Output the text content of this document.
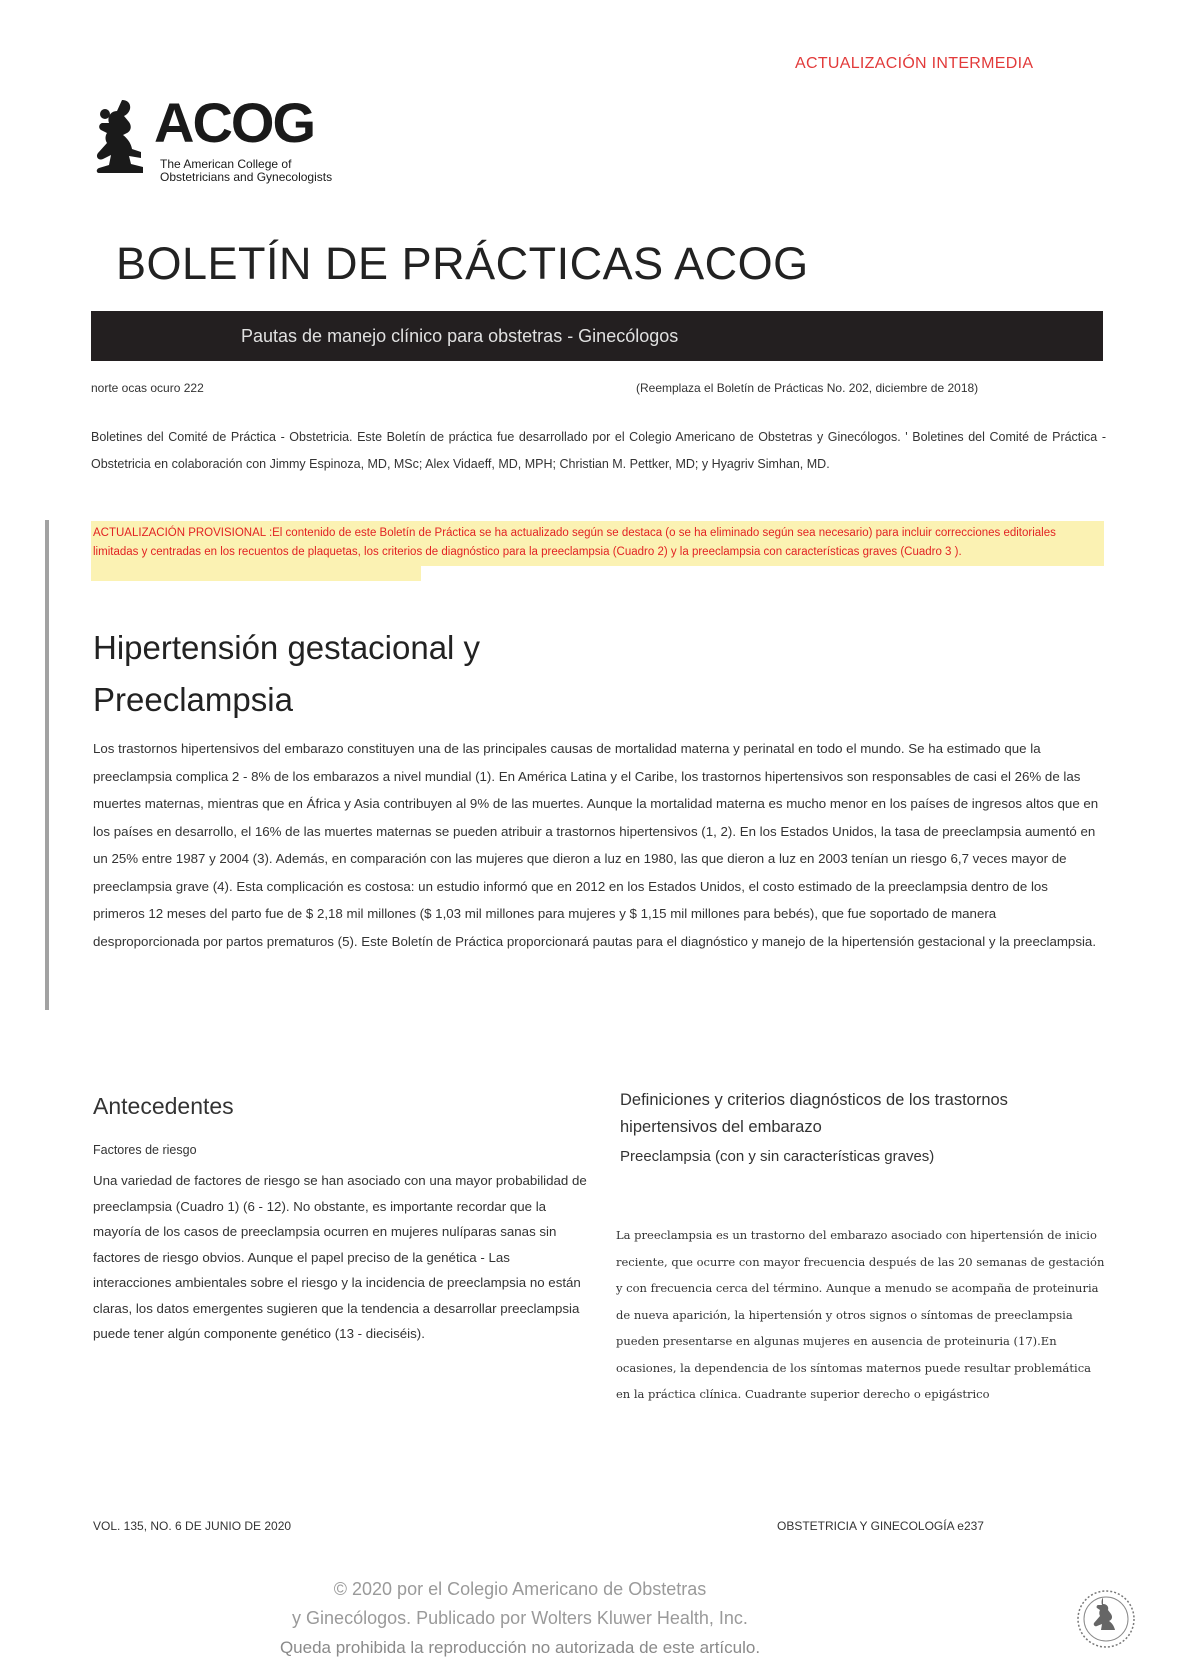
ACTUALIZACIÓN INTERMEDIA
ACOG
The American College of
Obstetricians and Gynecologists
BOLETÍN DE PRÁCTICAS ACOG
Pautas de manejo clínico para obstetras - Ginecólogos
norte ocas ocuro 222	(Reemplaza el Boletín de Prácticas No. 202, diciembre de 2018)
Boletines del Comité de Práctica - Obstetricia. Este Boletín de práctica fue desarrollado por el Colegio Americano de Obstetras y Ginecólogos. ' Boletines del Comité de Práctica -Obstetricia en colaboración con Jimmy Espinoza, MD, MSc; Alex Vidaeff, MD, MPH; Christian M. Pettker, MD; y Hyagriv Simhan, MD.
ACTUALIZACIÓN PROVISIONAL :El contenido de este Boletín de Práctica se ha actualizado según se destaca (o se ha eliminado según sea necesario) para incluir correcciones editoriales limitadas y centradas en los recuentos de plaquetas, los criterios de diagnóstico para la preeclampsia (Cuadro 2) y la preeclampsia con características graves (Cuadro 3 ).
Hipertensión gestacional y
Preeclampsia
Los trastornos hipertensivos del embarazo constituyen una de las principales causas de mortalidad materna y perinatal en todo el mundo. Se ha estimado que la preeclampsia complica 2 - 8% de los embarazos a nivel mundial (1). En América Latina y el Caribe, los trastornos hipertensivos son responsables de casi el 26% de las muertes maternas, mientras que en África y Asia contribuyen al 9% de las muertes. Aunque la mortalidad materna es mucho menor en los países de ingresos altos que en los países en desarrollo, el 16% de las muertes maternas se pueden atribuir a trastornos hipertensivos (1, 2). En los Estados Unidos, la tasa de preeclampsia aumentó en un 25% entre 1987 y 2004 (3). Además, en comparación con las mujeres que dieron a luz en 1980, las que dieron a luz en 2003 tenían un riesgo 6,7 veces mayor de preeclampsia grave (4). Esta complicación es costosa: un estudio informó que en 2012 en los Estados Unidos, el costo estimado de la preeclampsia dentro de los primeros 12 meses del parto fue de $ 2,18 mil millones ($ 1,03 mil millones para mujeres y $ 1,15 mil millones para bebés), que fue soportado de manera desproporcionada por partos prematuros (5). Este Boletín de Práctica proporcionará pautas para el diagnóstico y manejo de la hipertensión gestacional y la preeclampsia.
Antecedentes
Factores de riesgo
Una variedad de factores de riesgo se han asociado con una mayor probabilidad de preeclampsia (Cuadro 1) (6 - 12). No obstante, es importante recordar que la mayoría de los casos de preeclampsia ocurren en mujeres nulíparas sanas sin factores de riesgo obvios. Aunque el papel preciso de la genética - Las interacciones ambientales sobre el riesgo y la incidencia de preeclampsia no están claras, los datos emergentes sugieren que la tendencia a desarrollar preeclampsia puede tener algún componente genético (13 - dieciséis).
Definiciones y criterios diagnósticos de los trastornos hipertensivos del embarazo
Preeclampsia (con y sin características graves)
La preeclampsia es un trastorno del embarazo asociado con hipertensión de inicio reciente, que ocurre con mayor frecuencia después de las 20 semanas de gestación y con frecuencia cerca del término. Aunque a menudo se acompaña de proteinuria de nueva aparición, la hipertensión y otros signos o síntomas de preeclampsia pueden presentarse en algunas mujeres en ausencia de proteinuria (17).En ocasiones, la dependencia de los síntomas maternos puede resultar problemática en la práctica clínica. Cuadrante superior derecho o epigástrico
VOL. 135, NO. 6 DE JUNIO DE 2020	OBSTETRICIA Y GINECOLOGÍA e237
© 2020 por el Colegio Americano de Obstetras
y Ginecólogos. Publicado por Wolters Kluwer Health, Inc.
Queda prohibida la reproducción no autorizada de este artículo.
